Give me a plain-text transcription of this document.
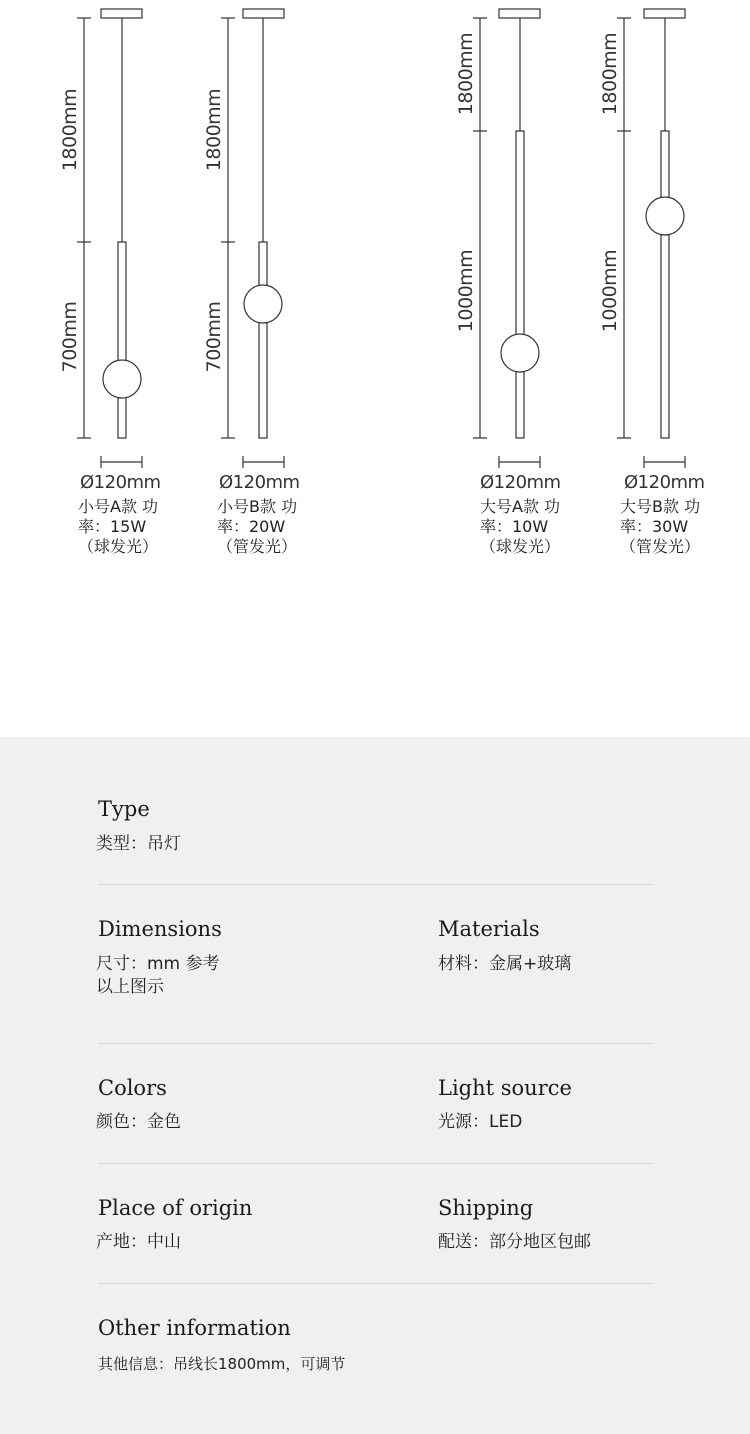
1800mm
700mm
1800mm
700mm
1800mm
1000mm
1800mm
1000mm
Ø120mm	Ø120mm	Ø120mm	Ø120mm
小号A款 功率：15W （球发光）
小号B款 功率：20W （管发光）
大号A款 功率：10W （球发光）
大号B款 功率：30W （管发光）
Type
类型：吊灯
Dimensions
尺寸：mm 参考以上图示
Materials
材料：金属+玻璃
Colors
颜色：金色
Light source
光源：LED
Place of origin
产地：中山
Shipping
配送：部分地区包邮
Other information
其他信息：吊线长1800mm，可调节
